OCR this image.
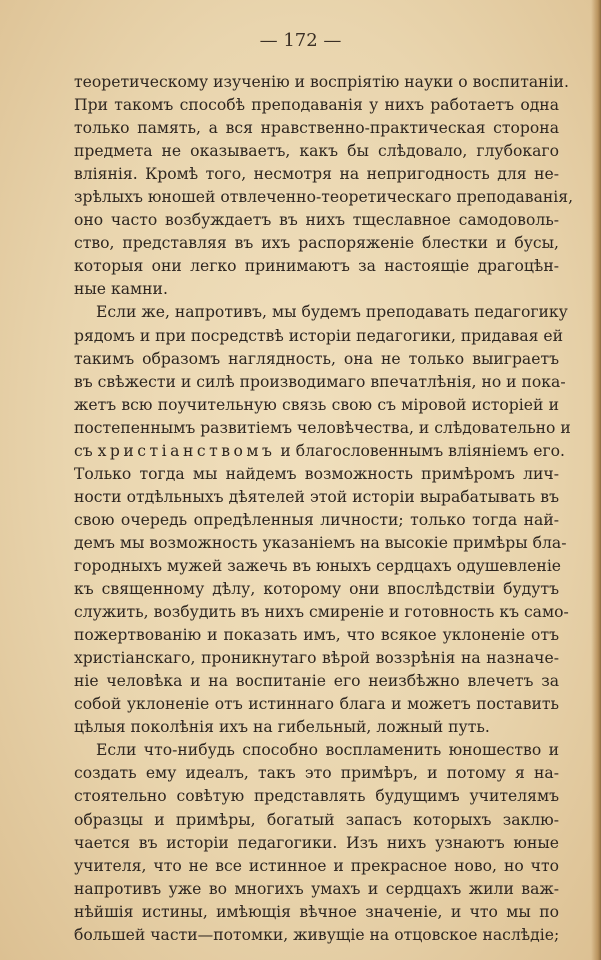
— 172 —
теоретическому изученію и воспріятію науки о воспитаніи.
При такомъ способѣ преподаванія у нихъ работаетъ одна
только память, а вся нравственно-практическая сторона
предмета не оказываетъ, какъ бы слѣдовало, глубокаго
вліянія. Кромѣ того, несмотря на непригодность для не-
зрѣлыхъ юношей отвлеченно-теоретическаго преподаванія,
оно часто возбуждаетъ въ нихъ тщеславное самодоволь-
ство, представляя въ ихъ распоряженіе блестки и бусы,
которыя они легко принимаютъ за настоящіе драгоцѣн-
ные камни.
Если же, напротивъ, мы будемъ преподавать педагогику
рядомъ и при посредствѣ исторіи педагогики, придавая ей
такимъ образомъ наглядность, она не только выиграетъ
въ свѣжести и силѣ производимаго впечатлѣнія, но и пока-
жетъ всю поучительную связь свою съ міровой исторіей и
постепеннымъ развитіемъ человѣчества, и слѣдовательно и
съ христіанствомъ и благословеннымъ вліяніемъ его.
Только тогда мы найдемъ возможность примѣромъ лич-
ности отдѣльныхъ дѣятелей этой исторіи вырабатывать въ
свою очередь опредѣленныя личности; только тогда най-
демъ мы возможность указаніемъ на высокіе примѣры бла-
городныхъ мужей зажечь въ юныхъ сердцахъ одушевленіе
къ священному дѣлу, которому они впослѣдствіи будутъ
служить, возбудить въ нихъ смиреніе и готовность къ само-
пожертвованію и показать имъ, что всякое уклоненіе отъ
христіанскаго, проникнутаго вѣрой воззрѣнія на назначе-
ніе человѣка и на воспитаніе его неизбѣжно влечетъ за
собой уклоненіе отъ истиннаго блага и можетъ поставить
цѣлыя поколѣнія ихъ на гибельный, ложный путь.
Если что-нибудь способно воспламенить юношество и
создать ему идеалъ, такъ это примѣръ, и потому я на-
стоятельно совѣтую представлять будущимъ учителямъ
образцы и примѣры, богатый запасъ которыхъ заклю-
чается въ исторіи педагогики. Изъ нихъ узнаютъ юные
учителя, что не все истинное и прекрасное ново, но что
напротивъ уже во многихъ умахъ и сердцахъ жили важ-
нѣйшія истины, имѣющія вѣчное значеніе, и что мы по
большей части—потомки, живущіе на отцовское наслѣдіе;
